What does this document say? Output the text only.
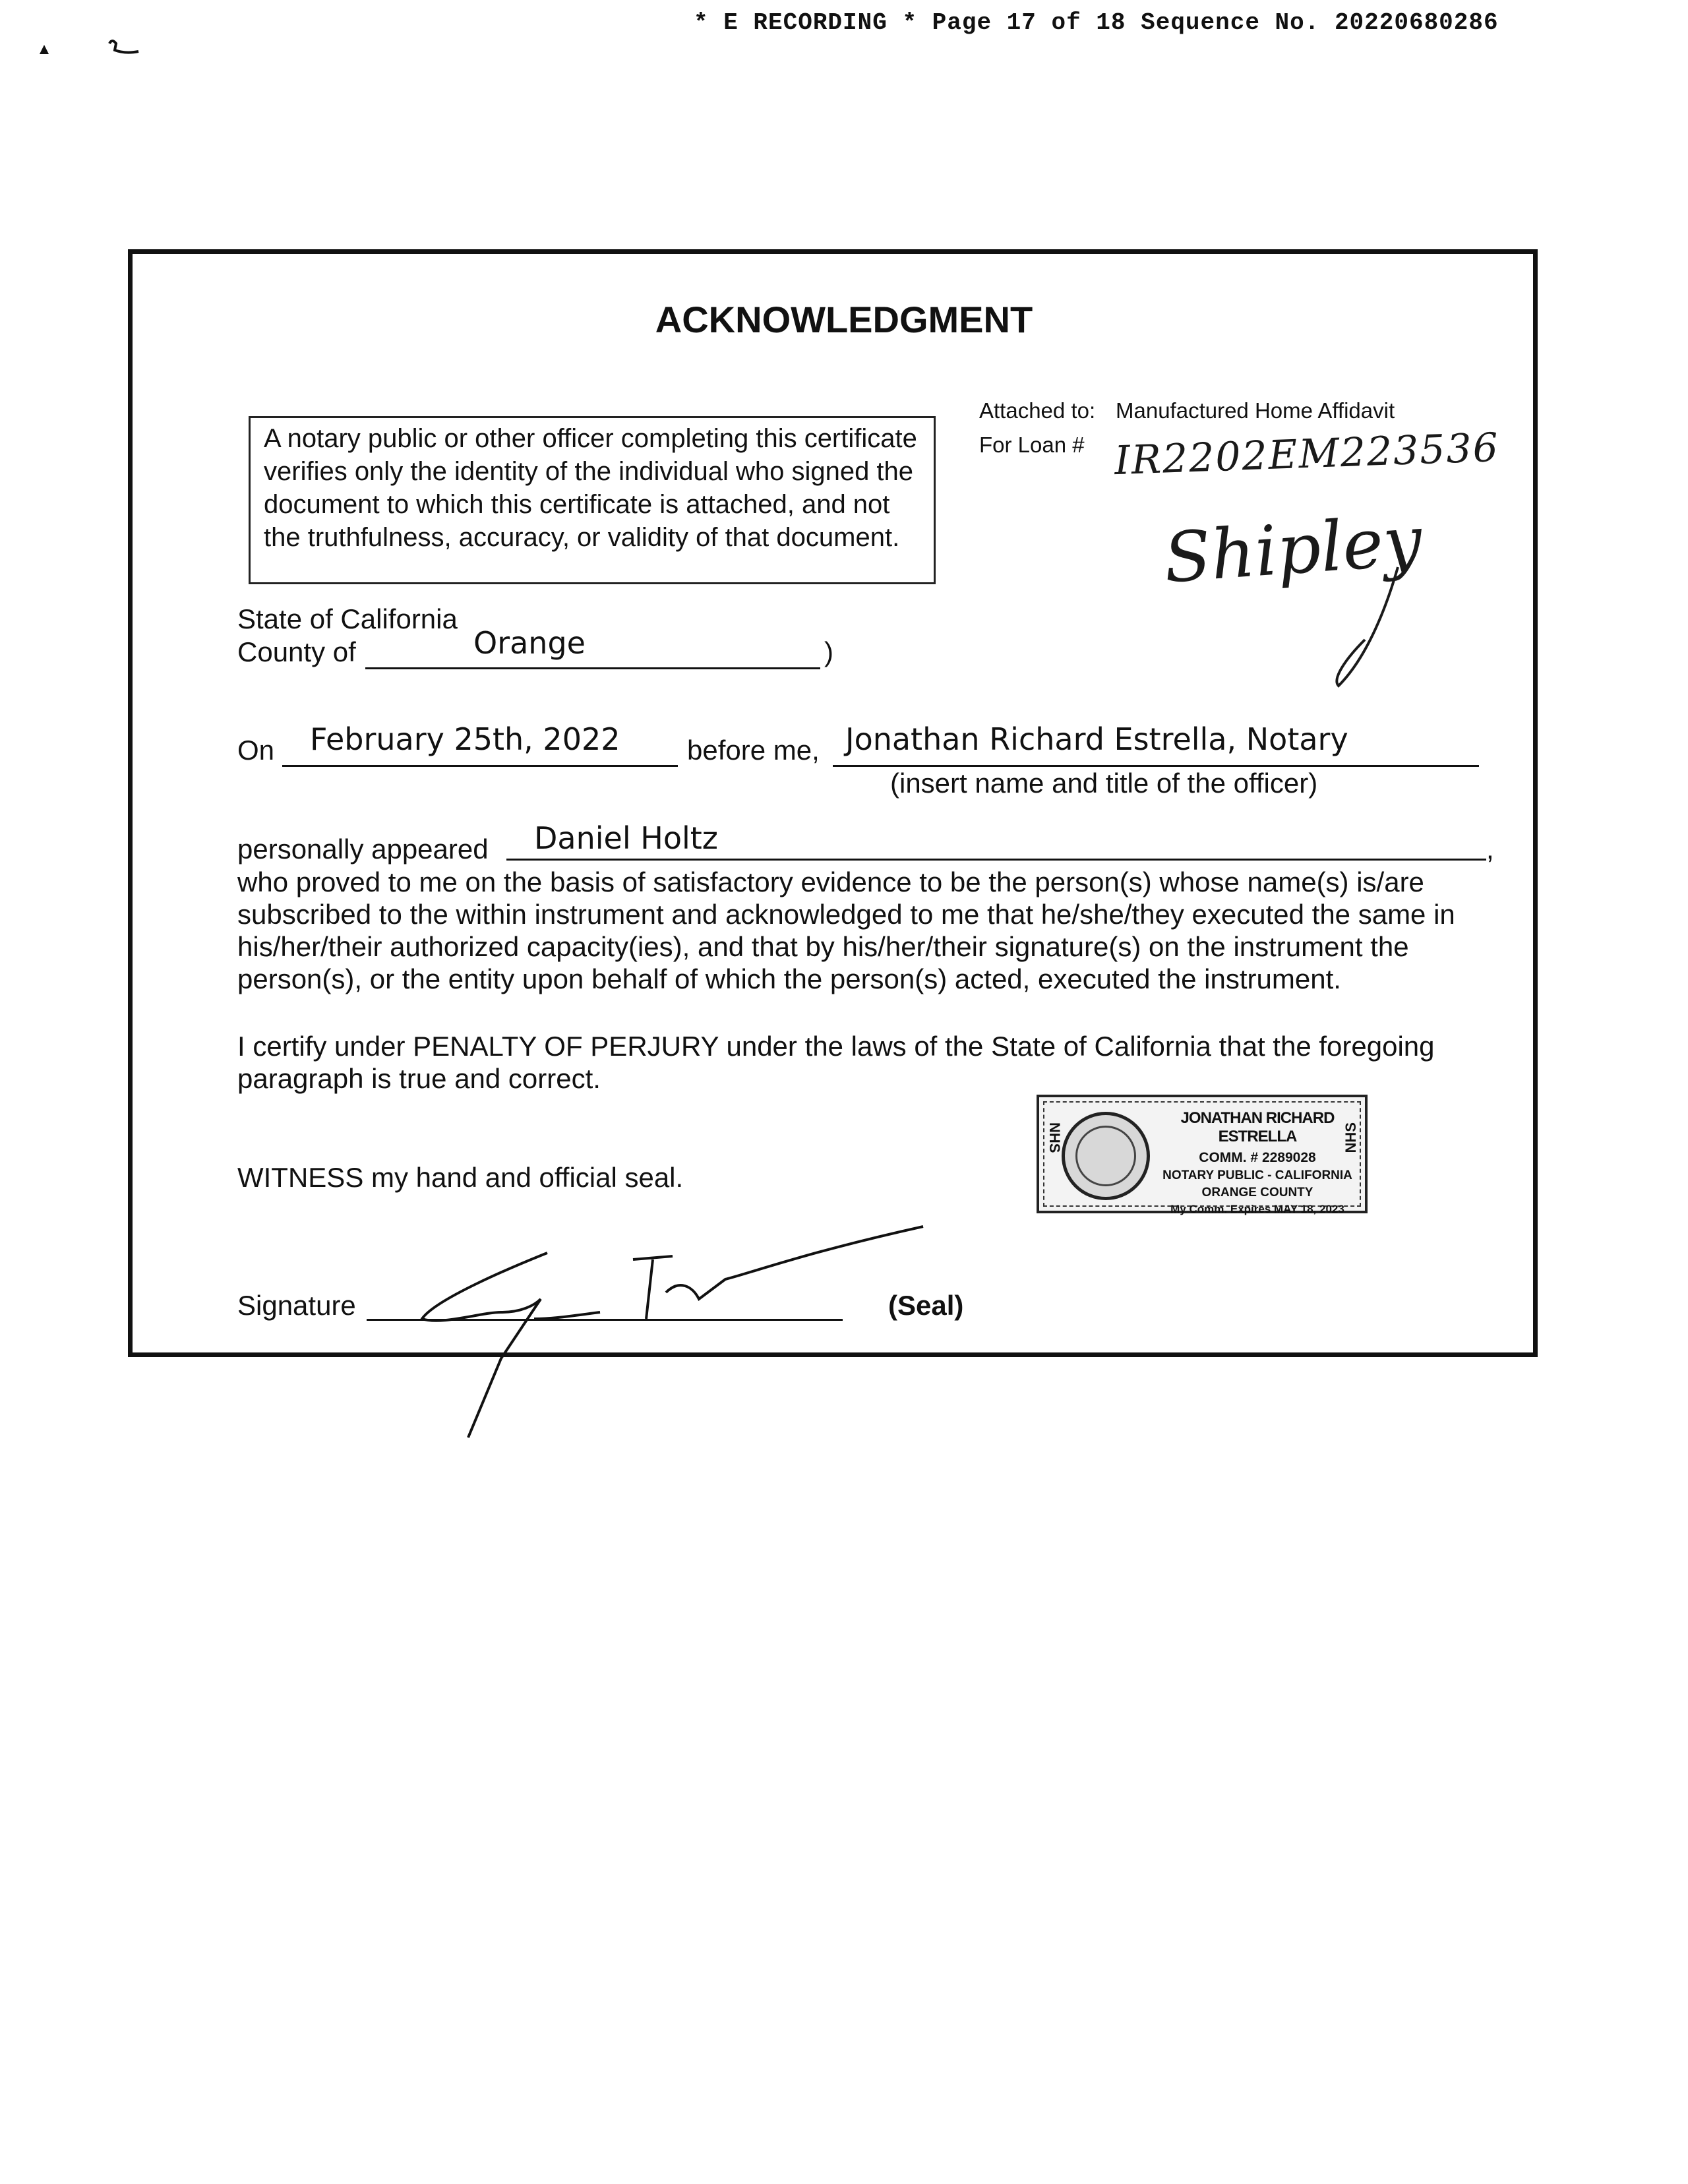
* E RECORDING * Page 17 of 18 Sequence No. 20220680286
ACKNOWLEDGMENT
A notary public or other officer completing this certificate verifies only the identity of the individual who signed the document to which this certificate is attached, and not the truthfulness, accuracy, or validity of that document.
Attached to: Manufactured Home Affidavit
For Loan # IR2202EM223536
Shipley
State of California
County of	Orange	)
On February 25th, 2022 before me, Jonathan Richard Estrella, Notary
(insert name and title of the officer)
personally appeared Daniel Holtz	,
who proved to me on the basis of satisfactory evidence to be the person(s) whose name(s) is/are subscribed to the within instrument and acknowledged to me that he/she/they executed the same in his/her/their authorized capacity(ies), and that by his/her/their signature(s) on the instrument the person(s), or the entity upon behalf of which the person(s) acted, executed the instrument.
I certify under PENALTY OF PERJURY under the laws of the State of California that the foregoing paragraph is true and correct.
WITNESS my hand and official seal.
JONATHAN RICHARD ESTRELLA
COMM. # 2289028
NOTARY PUBLIC - CALIFORNIA
ORANGE COUNTY
My Comm. Expires MAY 18, 2023
NHS	NHS
Signature	(Seal)
